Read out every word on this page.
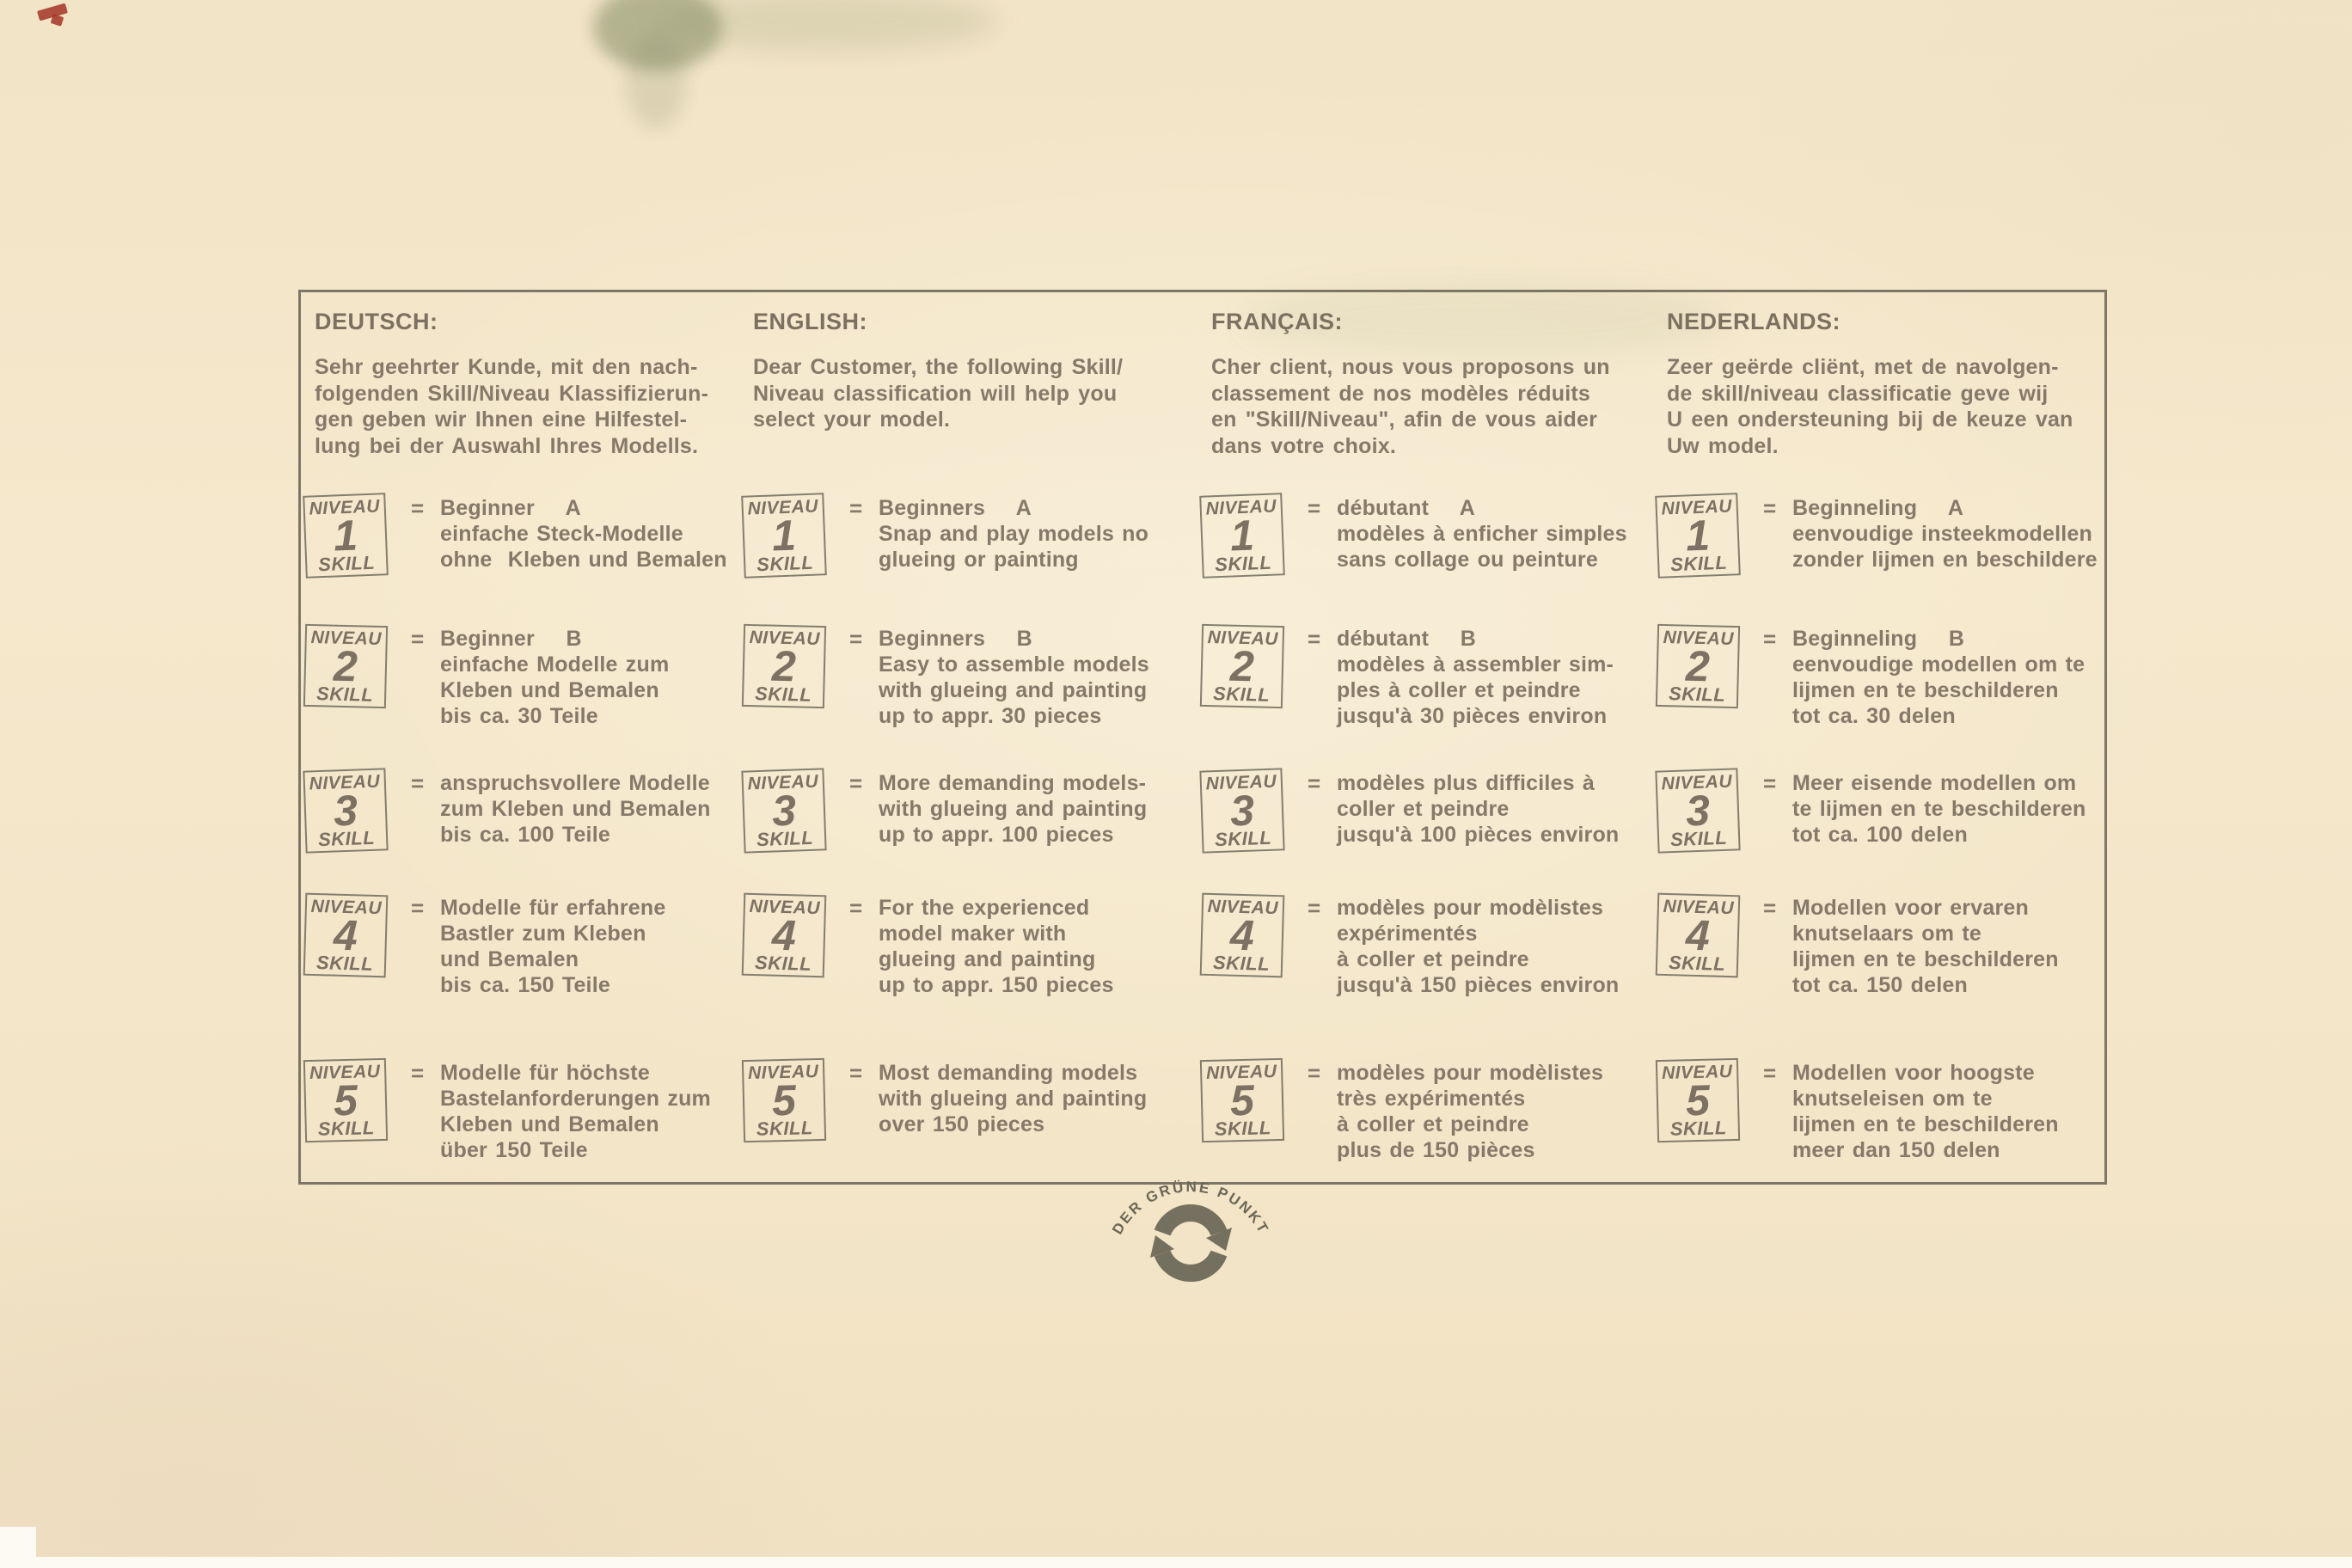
DEUTSCH:
Sehr geehrter Kunde, mit den nach-
folgenden Skill/Niveau Klassifizierun-
gen geben wir Ihnen eine Hilfestel-
lung bei der Auswahl Ihres Modells.
NIVEAU
1
SKILL
= Beginner    A
einfache Steck-Modelle
ohne  Kleben und Bemalen
NIVEAU
2
SKILL
= Beginner    B
einfache Modelle zum
Kleben und Bemalen
bis ca. 30 Teile
NIVEAU
3
SKILL
= anspruchsvollere Modelle
zum Kleben und Bemalen
bis ca. 100 Teile
NIVEAU
4
SKILL
= Modelle für erfahrene
Bastler zum Kleben
und Bemalen
bis ca. 150 Teile
NIVEAU
5
SKILL
= Modelle für höchste
Bastelanforderungen zum
Kleben und Bemalen
über 150 Teile
ENGLISH:
Dear Customer, the following Skill/
Niveau classification will help you
select your model.
NIVEAU
1
SKILL
= Beginners    A
Snap and play models no
glueing or painting
NIVEAU
2
SKILL
= Beginners    B
Easy to assemble models
with glueing and painting
up to appr. 30 pieces
NIVEAU
3
SKILL
= More demanding models-
with glueing and painting
up to appr. 100 pieces
NIVEAU
4
SKILL
= For the experienced
model maker with
glueing and painting
up to appr. 150 pieces
NIVEAU
5
SKILL
= Most demanding models
with glueing and painting
over 150 pieces
FRANÇAIS:
Cher client, nous vous proposons un
classement de nos modèles réduits
en "Skill/Niveau", afin de vous aider
dans votre choix.
NIVEAU
1
SKILL
= débutant    A
modèles à enficher simples
sans collage ou peinture
NIVEAU
2
SKILL
= débutant    B
modèles à assembler sim-
ples à coller et peindre
jusqu'à 30 pièces environ
NIVEAU
3
SKILL
= modèles plus difficiles à
coller et peindre
jusqu'à 100 pièces environ
NIVEAU
4
SKILL
= modèles pour modèlistes
expérimentés
à coller et peindre
jusqu'à 150 pièces environ
NIVEAU
5
SKILL
= modèles pour modèlistes
très expérimentés
à coller et peindre
plus de 150 pièces
NEDERLANDS:
Zeer geërde cliënt, met de navolgen-
de skill/niveau classificatie geve wij
U een ondersteuning bij de keuze van
Uw model.
NIVEAU
1
SKILL
= Beginneling    A
eenvoudige insteekmodellen
zonder lijmen en beschildere
NIVEAU
2
SKILL
= Beginneling    B
eenvoudige modellen om te
lijmen en te beschilderen
tot ca. 30 delen
NIVEAU
3
SKILL
= Meer eisende modellen om
te lijmen en te beschilderen
tot ca. 100 delen
NIVEAU
4
SKILL
= Modellen voor ervaren
knutselaars om te
lijmen en te beschilderen
tot ca. 150 delen
NIVEAU
5
SKILL
= Modellen voor hoogste
knutseleisen om te
lijmen en te beschilderen
meer dan 150 delen
DER GRÜNE PUNKT
